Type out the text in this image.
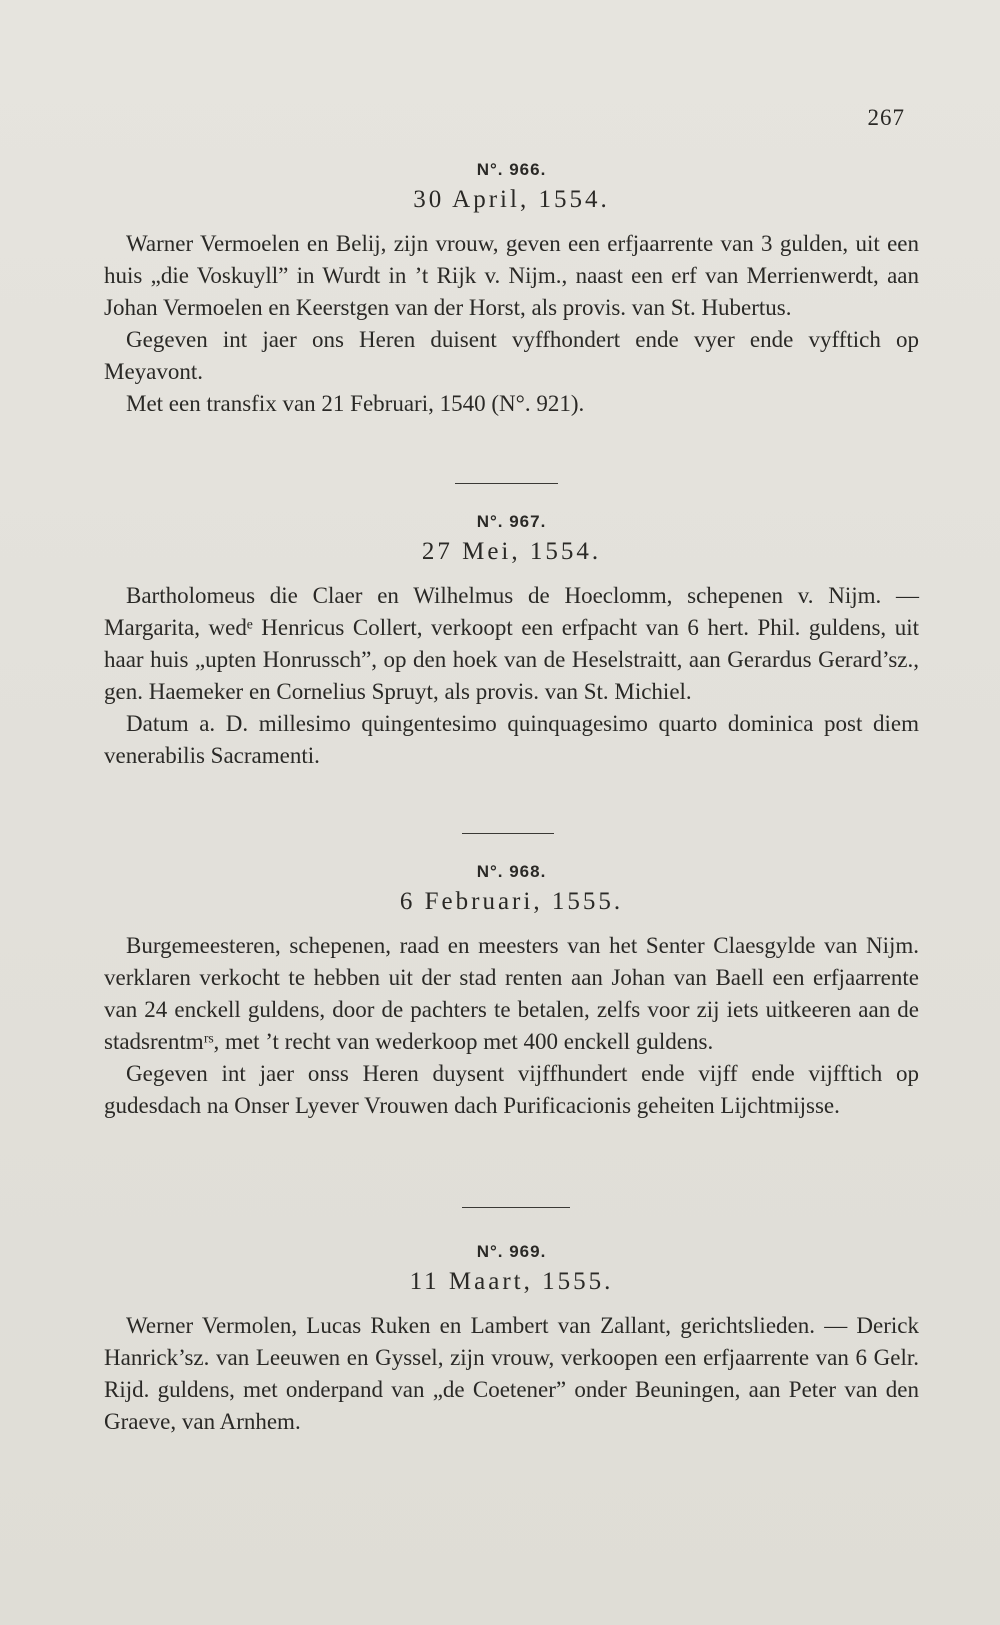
267
N°. 966.
30 April, 1554.

Warner Vermoelen en Belij, zijn vrouw, geven een erfjaarrente van 3 gulden, uit een huis „die Voskuyll” in Wurdt in ’t Rijk v. Nijm., naast een erf van Merrienwerdt, aan Johan Vermoelen en Keerstgen van der Horst, als provis. van St. Hubertus.

Gegeven int jaer ons Heren duisent vyffhondert ende vyer ende vyfftich op Meyavont.

Met een transfix van 21 Februari, 1540 (N°. 921).

N°. 967.
27 Mei, 1554.

Bartholomeus die Claer en Wilhelmus de Hoeclomm, schepenen v. Nijm. — Margarita, wedᵉ Henricus Collert, verkoopt een erfpacht van 6 hert. Phil. guldens, uit haar huis „upten Honrussch”, op den hoek van de Heselstraitt, aan Gerardus Gerard’sz., gen. Haemeker en Cornelius Spruyt, als provis. van St. Michiel.

Datum a. D. millesimo quingentesimo quinquagesimo quarto dominica post diem venerabilis Sacramenti.

N°. 968.
6 Februari, 1555.

Burgemeesteren, schepenen, raad en meesters van het Senter Claesgylde van Nijm. verklaren verkocht te hebben uit der stad renten aan Johan van Baell een erfjaarrente van 24 enckell guldens, door de pachters te betalen, zelfs voor zij iets uitkeeren aan de stadsrentmʳˢ, met ’t recht van wederkoop met 400 enckell guldens.

Gegeven int jaer onss Heren duysent vijffhundert ende vijff ende vijfftich op gudesdach na Onser Lyever Vrouwen dach Purificacionis geheiten Lijchtmijsse.

N°. 969.
11 Maart, 1555.

Werner Vermolen, Lucas Ruken en Lambert van Zallant, gerichtslieden. — Derick Hanrick’sz. van Leeuwen en Gyssel, zijn vrouw, verkoopen een erfjaarrente van 6 Gelr. Rijd. guldens, met onderpand van „de Coetener” onder Beuningen, aan Peter van den Graeve, van Arnhem.
